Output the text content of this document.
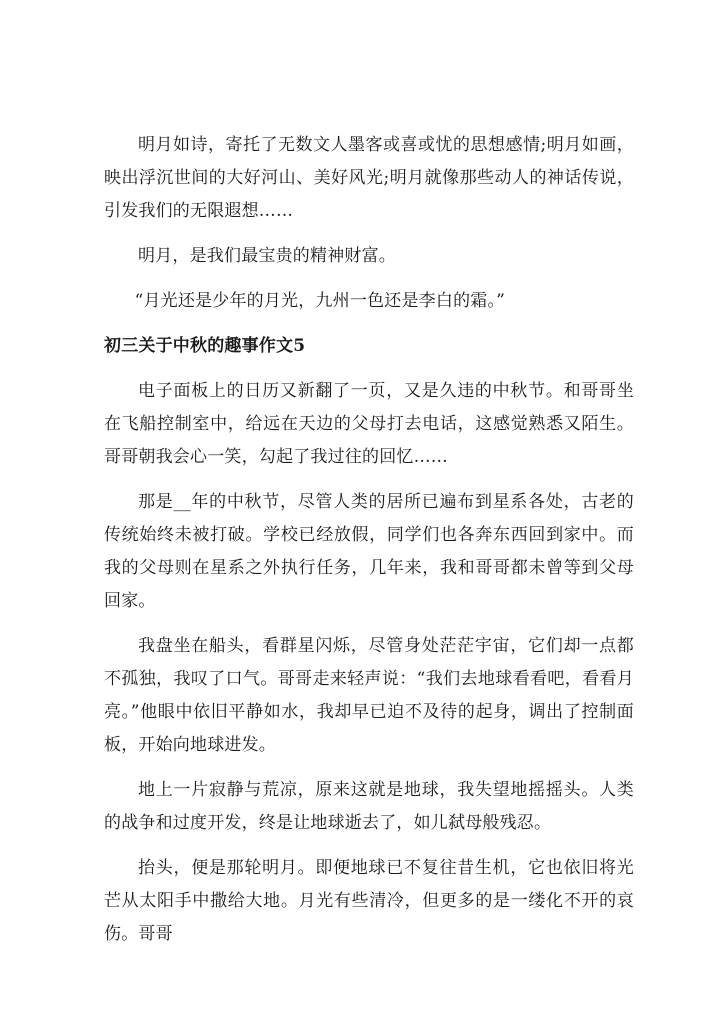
明月如诗，寄托了无数文人墨客或喜或忧的思想感情;明月如画，映出浮沉世间的大好河山、美好风光;明月就像那些动人的神话传说，引发我们的无限遐想……

明月，是我们最宝贵的精神财富。

“月光还是少年的月光，九州一色还是李白的霜。”

初三关于中秋的趣事作文5

电子面板上的日历又新翻了一页，又是久违的中秋节。和哥哥坐在飞船控制室中，给远在天边的父母打去电话，这感觉熟悉又陌生。哥哥朝我会心一笑，勾起了我过往的回忆……

那是__年的中秋节，尽管人类的居所已遍布到星系各处，古老的传统始终未被打破。学校已经放假，同学们也各奔东西回到家中。而我的父母则在星系之外执行任务，几年来，我和哥哥都未曾等到父母回家。

我盘坐在船头，看群星闪烁，尽管身处茫茫宇宙，它们却一点都不孤独，我叹了口气。哥哥走来轻声说：“我们去地球看看吧，看看月亮。”他眼中依旧平静如水，我却早已迫不及待的起身，调出了控制面板，开始向地球进发。

地上一片寂静与荒凉，原来这就是地球，我失望地摇摇头。人类的战争和过度开发，终是让地球逝去了，如儿弑母般残忍。

抬头，便是那轮明月。即便地球已不复往昔生机，它也依旧将光芒从太阳手中撒给大地。月光有些清冷，但更多的是一缕化不开的哀伤。哥哥
